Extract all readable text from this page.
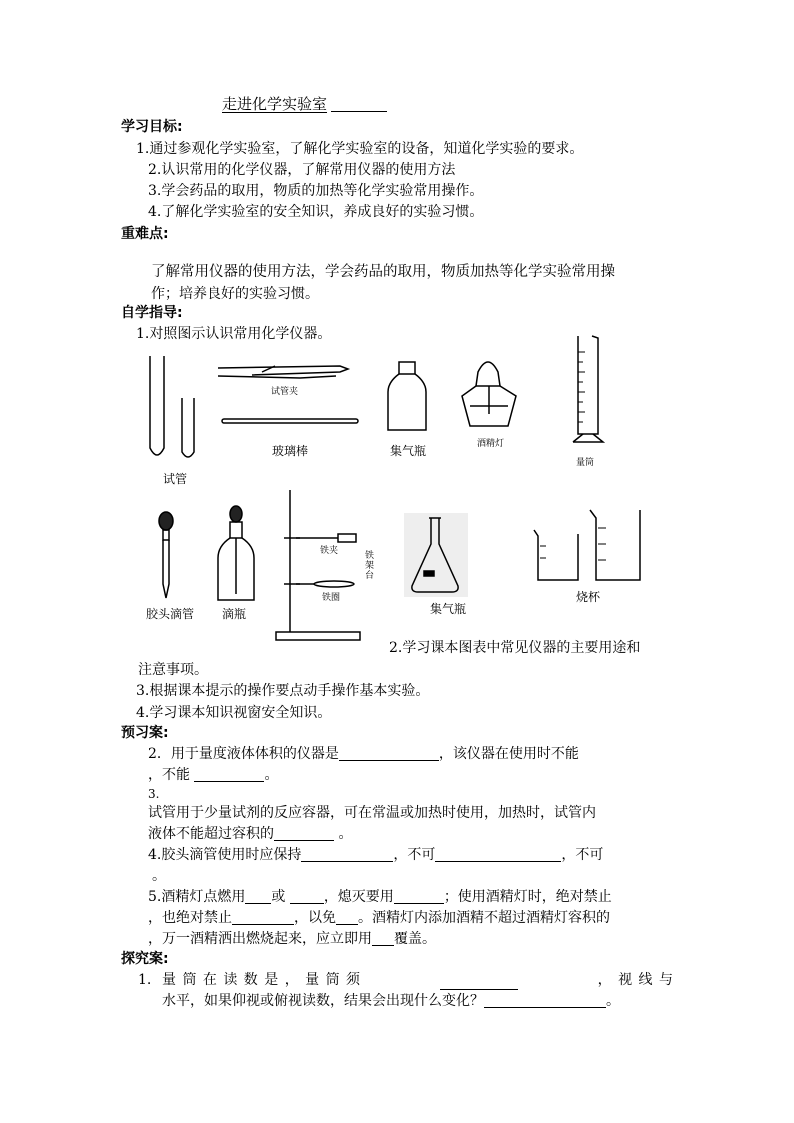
走进化学实验室
学习目标:
1.通过参观化学实验室，了解化学实验室的设备，知道化学实验的要求。
2.认识常用的化学仪器，了解常用仪器的使用方法
3.学会药品的取用，物质的加热等化学实验常用操作。
4.了解化学实验室的安全知识，养成良好的实验习惯。
重难点:
了解常用仪器的使用方法，学会药品的取用，物质加热等化学实验常用操
作；培养良好的实验习惯。
自学指导:
1.对照图示认识常用化学仪器。
试管
试管夹
玻璃棒	集气瓶	酒精灯
量筒
胶头滴管 滴瓶
铁夹
铁圈
铁架台
集气瓶
烧杯
2.学习课本图表中常见仪器的主要用途和
注意事项。
3.根据课本提示的操作要点动手操作基本实验。
4.学习课本知识视窗安全知识。
预习案:
2．用于量度液体体积的仪器是	，该仪器在使用时不能
，不能	。
3.
试管用于少量试剂的反应容器，可在常温或加热时使用，加热时，试管内
液体不能超过容积的	。
4.胶头滴管使用时应保持	，不可	，不可
。
5.酒精灯点燃用 或	，熄灭要用	；使用酒精灯时，绝对禁止
，也绝对禁止	，以免 。酒精灯内添加酒精不超过酒精灯容积的
，万一酒精洒出燃烧起来，应立即用 覆盖。
探究案:
1. 量 筒 在 读 数 是 ， 量 筒 须	， 视 线 与
水平，如果仰视或俯视读数，结果会出现什么变化？	。
